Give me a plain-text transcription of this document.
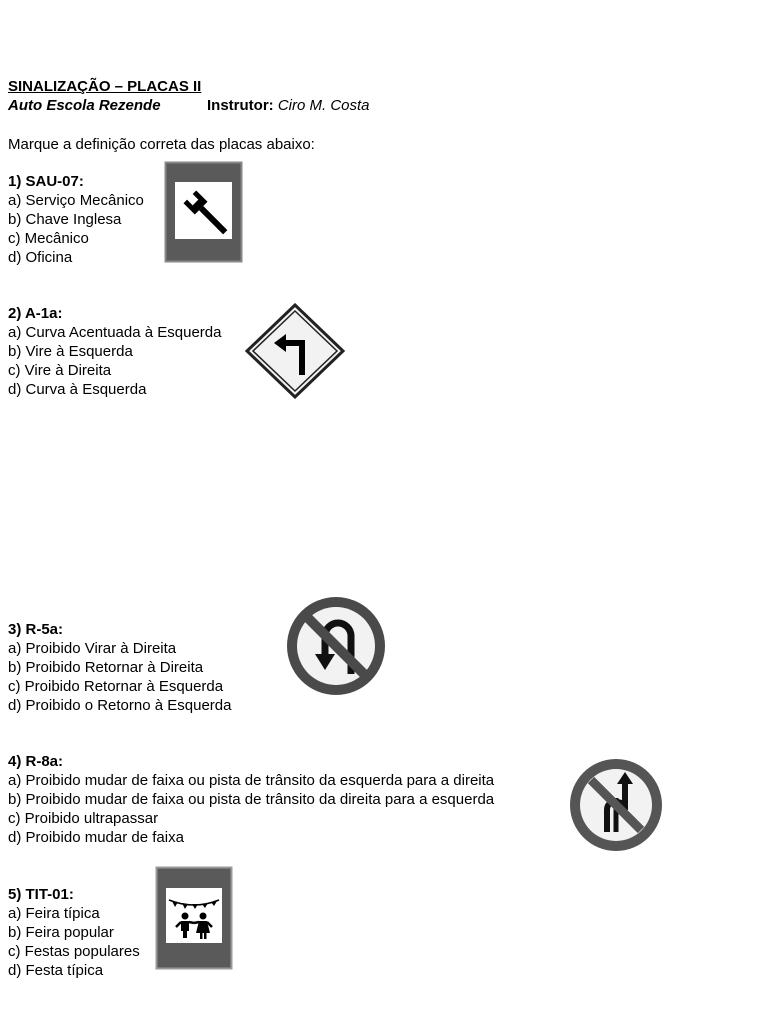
SINALIZAÇÃO – PLACAS II
Auto Escola Rezende	Instrutor: Ciro M. Costa
Marque a definição correta das placas abaixo:
1) SAU-07:
a) Serviço Mecânico
b) Chave Inglesa
c) Mecânico
d) Oficina
2) A-1a:
a) Curva Acentuada à Esquerda
b) Vire à Esquerda
c) Vire à Direita
d) Curva à Esquerda
3) R-5a:
a) Proibido Virar à Direita
b) Proibido Retornar à Direita
c) Proibido Retornar à Esquerda
d) Proibido o Retorno à Esquerda
4) R-8a:
a) Proibido mudar de faixa ou pista de trânsito da esquerda para a direita
b) Proibido mudar de faixa ou pista de trânsito da direita para a esquerda
c) Proibido ultrapassar
d) Proibido mudar de faixa
5) TIT-01:
a) Feira típica
b) Feira popular
c) Festas populares
d) Festa típica
